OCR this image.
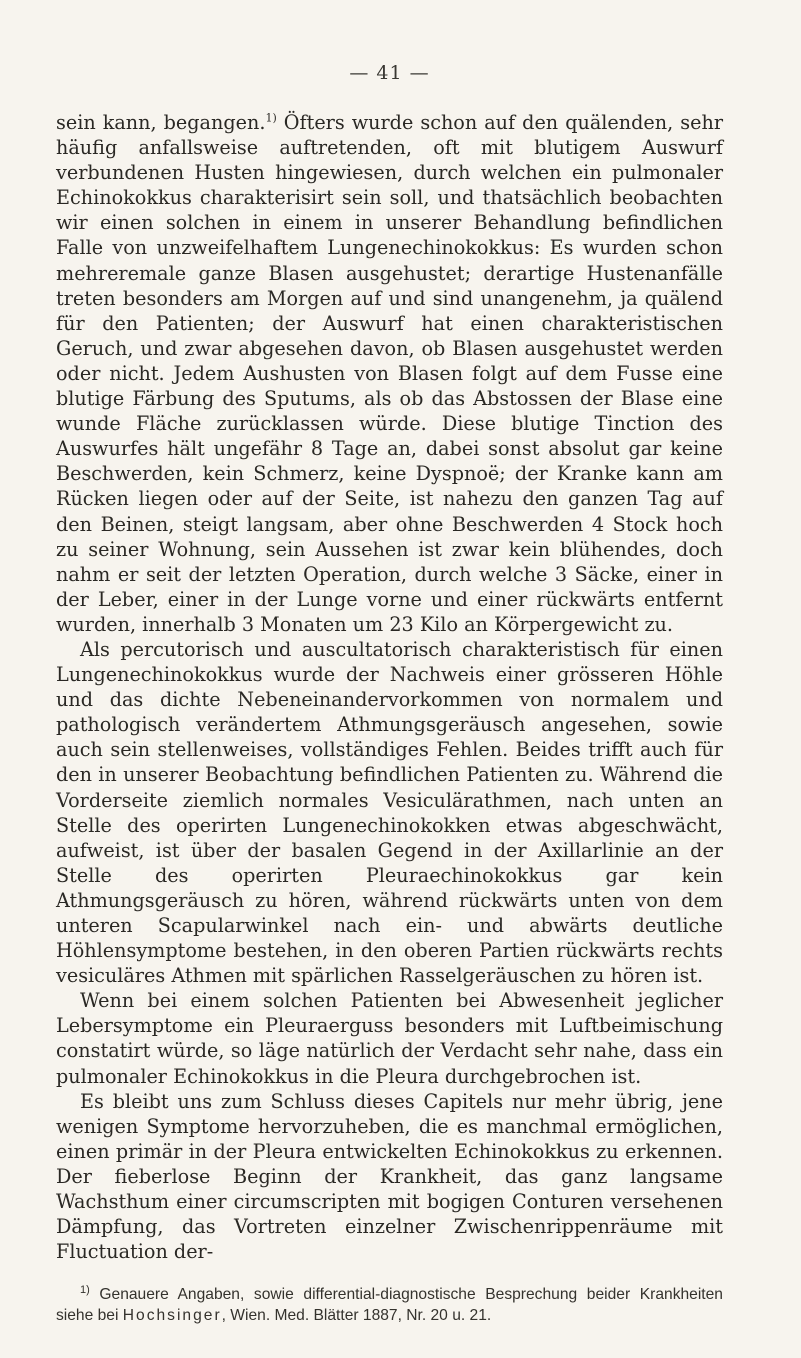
— 41 —

sein kann, begangen.$^{1)}$ Öfters wurde schon auf den quälenden, sehr häufig anfallsweise auftretenden, oft mit blutigem Auswurf verbundenen Husten hingewiesen, durch welchen ein pulmonaler Echinokokkus charakterisirt sein soll, und thatsächlich beobachten wir einen solchen in einem in unserer Behandlung befindlichen Falle von unzweifelhaftem Lungenechinokokkus: Es wurden schon mehreremale ganze Blasen ausgehustet; derartige Hustenanfälle treten besonders am Morgen auf und sind unangenehm, ja quälend für den Patienten; der Auswurf hat einen charakteristischen Geruch, und zwar abgesehen davon, ob Blasen ausgehustet werden oder nicht. Jedem Aushusten von Blasen folgt auf dem Fusse eine blutige Färbung des Sputums, als ob das Abstossen der Blase eine wunde Fläche zurücklassen würde. Diese blutige Tinction des Auswurfes hält ungefähr 8 Tage an, dabei sonst absolut gar keine Beschwerden, kein Schmerz, keine Dyspnoë; der Kranke kann am Rücken liegen oder auf der Seite, ist nahezu den ganzen Tag auf den Beinen, steigt langsam, aber ohne Beschwerden 4 Stock hoch zu seiner Wohnung, sein Aussehen ist zwar kein blühendes, doch nahm er seit der letzten Operation, durch welche 3 Säcke, einer in der Leber, einer in der Lunge vorne und einer rückwärts entfernt wurden, innerhalb 3 Monaten um 23 Kilo an Körpergewicht zu.

Als percutorisch und auscultatorisch charakteristisch für einen Lungenechinokokkus wurde der Nachweis einer grösseren Höhle und das dichte Nebeneinandervorkommen von normalem und pathologisch verändertem Athmungsgeräusch angesehen, sowie auch sein stellenweises, vollständiges Fehlen. Beides trifft auch für den in unserer Beobachtung befindlichen Patienten zu. Während die Vorderseite ziemlich normales Vesiculärathmen, nach unten an Stelle des operirten Lungenechinokokken etwas abgeschwächt, aufweist, ist über der basalen Gegend in der Axillarlinie an der Stelle des operirten Pleuraechinokokkus gar kein Athmungsgeräusch zu hören, während rückwärts unten von dem unteren Scapularwinkel nach ein- und abwärts deutliche Höhlensymptome bestehen, in den oberen Partien rückwärts rechts vesiculäres Athmen mit spärlichen Rasselgeräuschen zu hören ist.

Wenn bei einem solchen Patienten bei Abwesenheit jeglicher Lebersymptome ein Pleuraerguss besonders mit Luftbeimischung constatirt würde, so läge natürlich der Verdacht sehr nahe, dass ein pulmonaler Echinokokkus in die Pleura durchgebrochen ist.

Es bleibt uns zum Schluss dieses Capitels nur mehr übrig, jene wenigen Symptome hervorzuheben, die es manchmal ermöglichen, einen primär in der Pleura entwickelten Echinokokkus zu erkennen. Der fieberlose Beginn der Krankheit, das ganz langsame Wachsthum einer circumscripten mit bogigen Conturen versehenen Dämpfung, das Vortreten einzelner Zwischenrippenräume mit Fluctuation der-

$^{1)}$ Genauere Angaben, sowie differential-diagnostische Besprechung beider Krankheiten siehe bei Hochsinger, Wien. Med. Blätter 1887, Nr. 20 u. 21.
